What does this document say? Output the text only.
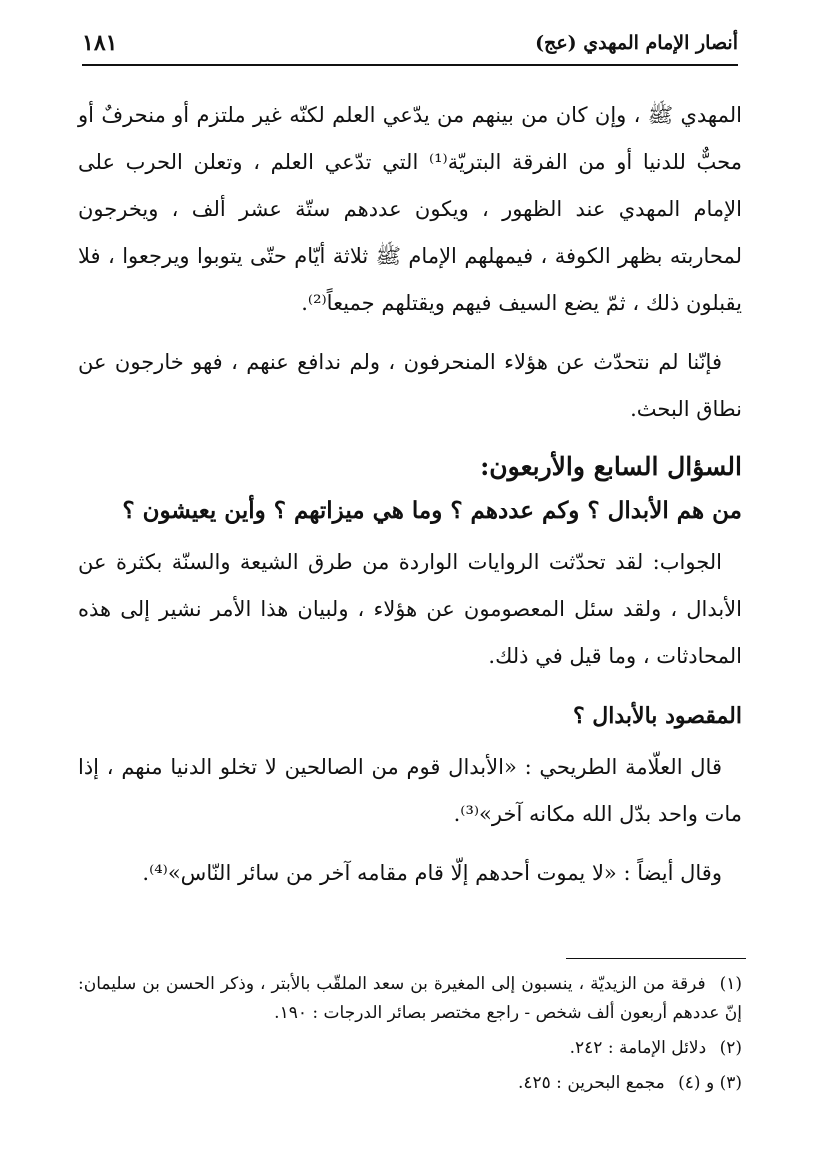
أنصار الإمام المهدي (عج)
١٨١

المهدي ﷺ ، وإن كان من بينهم من يدّعي العلم لكنّه غير ملتزم أو منحرفٌ أو محبٌّ للدنيا أو من الفرقة البتريّة⁽¹⁾ التي تدّعي العلم ، وتعلن الحرب على الإمام المهدي عند الظهور ، ويكون عددهم ستّة عشر ألف ، ويخرجون لمحاربته بظهر الكوفة ، فيمهلهم الإمام ﷺ ثلاثة أيّام حتّى يتوبوا ويرجعوا ، فلا يقبلون ذلك ، ثمّ يضع السيف فيهم ويقتلهم جميعاً⁽²⁾.

فإنّنا لم نتحدّث عن هؤلاء المنحرفون ، ولم ندافع عنهم ، فهو خارجون عن نطاق البحث.

السؤال السابع والأربعون:
من هم الأبدال ؟ وكم عددهم ؟ وما هي ميزاتهم ؟ وأين يعيشون ؟

الجواب: لقد تحدّثت الروايات الواردة من طرق الشيعة والسنّة بكثرة عن الأبدال ، ولقد سئل المعصومون عن هؤلاء ، ولبيان هذا الأمر نشير إلى هذه المحادثات ، وما قيل في ذلك.

المقصود بالأبدال ؟

قال العلّامة الطريحي : «الأبدال قوم من الصالحين لا تخلو الدنيا منهم ، إذا مات واحد بدّل الله مكانه آخر»⁽³⁾.

وقال أيضاً : «لا يموت أحدهم إلّا قام مقامه آخر من سائر النّاس»⁽⁴⁾.

(١) فرقة من الزيديّة ، ينسبون إلى المغيرة بن سعد الملقّب بالأبتر ، وذكر الحسن بن سليمان: إنّ عددهم أربعون ألف شخص - راجع مختصر بصائر الدرجات : ١٩٠.

(٢) دلائل الإمامة : ٢٤٢.

(٣) و (٤) مجمع البحرين : ٤٢٥.
